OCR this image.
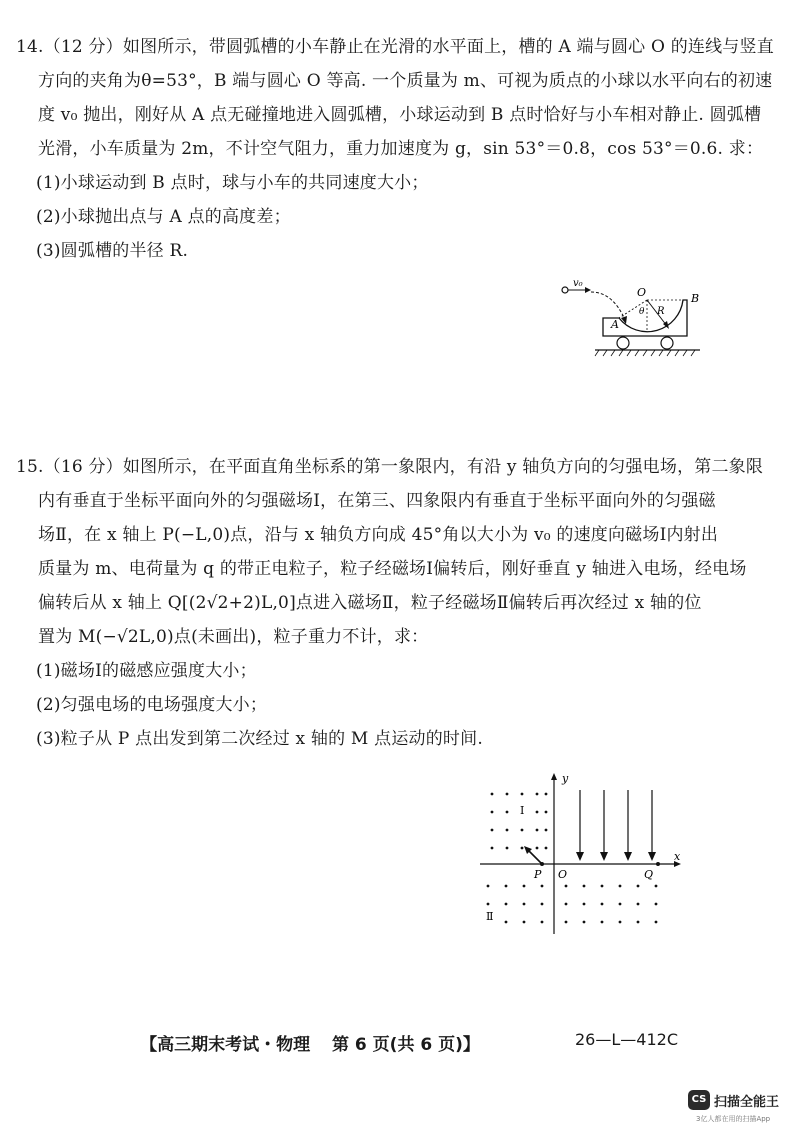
14.（12 分）如图所示，带圆弧槽的小车静止在光滑的水平面上，槽的 A 端与圆心 O 的连线与竖直
方向的夹角为θ=53°，B 端与圆心 O 等高. 一个质量为 m、可视为质点的小球以水平向右的初速
度 v₀ 抛出，刚好从 A 点无碰撞地进入圆弧槽，小球运动到 B 点时恰好与小车相对静止. 圆弧槽
光滑，小车质量为 2m，不计空气阻力，重力加速度为 g，sin 53°＝0.8，cos 53°＝0.6. 求：
(1)小球运动到 B 点时，球与小车的共同速度大小；
(2)小球抛出点与 A 点的高度差；
(3)圆弧槽的半径 R.
v₀
O	B
A
R
θ
15.（16 分）如图所示，在平面直角坐标系的第一象限内，有沿 y 轴负方向的匀强电场，第二象限
内有垂直于坐标平面向外的匀强磁场Ⅰ，在第三、四象限内有垂直于坐标平面向外的匀强磁
场Ⅱ，在 x 轴上 P(−L,0)点，沿与 x 轴负方向成 45°角以大小为 v₀ 的速度向磁场Ⅰ内射出
质量为 m、电荷量为 q 的带正电粒子，粒子经磁场Ⅰ偏转后，刚好垂直 y 轴进入电场，经电场
偏转后从 x 轴上 Q[(2√2+2)L,0]点进入磁场Ⅱ，粒子经磁场Ⅱ偏转后再次经过 x 轴的位
置为 M(−√2L,0)点(未画出)，粒子重力不计，求：
(1)磁场Ⅰ的磁感应强度大小；
(2)匀强电场的电场强度大小；
(3)粒子从 P 点出发到第二次经过 x 轴的 M 点运动的时间.
y
x
Ⅰ
P O	Q
Ⅱ
【高三期末考试・物理 第 6 页(共 6 页)】	26—L—412C
CS 扫描全能王
3亿人都在用的扫描App
